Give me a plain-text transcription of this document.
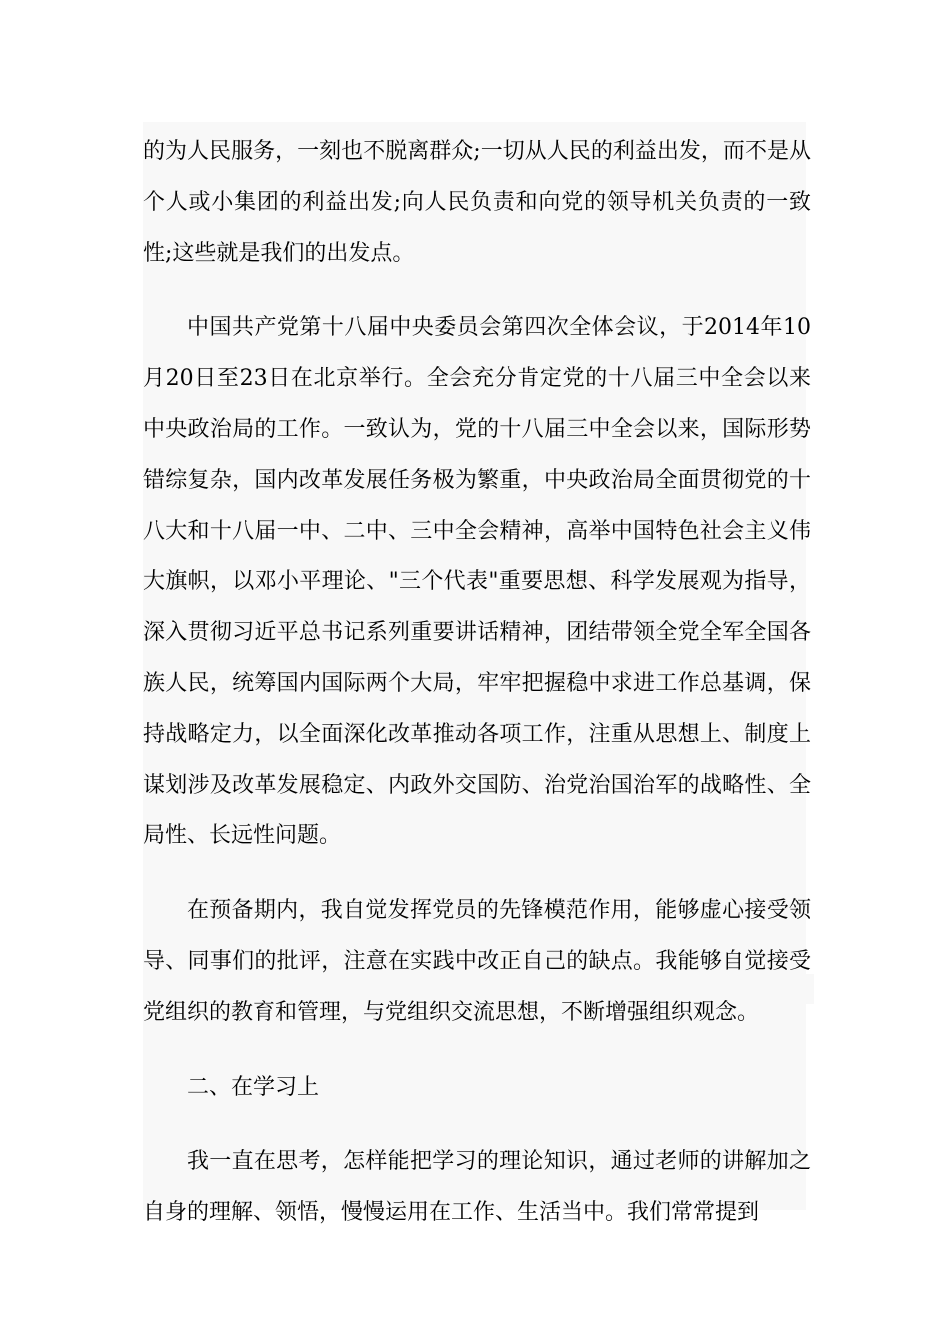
的为人民服务，一刻也不脱离群众;一切从人民的利益出发，而不是从个人或小集团的利益出发;向人民负责和向党的领导机关负责的一致性;这些就是我们的出发点。

中国共产党第十八届中央委员会第四次全体会议，于2014年10月20日至23日在北京举行。全会充分肯定党的十八届三中全会以来中央政治局的工作。一致认为，党的十八届三中全会以来，国际形势错综复杂，国内改革发展任务极为繁重，中央政治局全面贯彻党的十八大和十八届一中、二中、三中全会精神，高举中国特色社会主义伟大旗帜，以邓小平理论、"三个代表"重要思想、科学发展观为指导，深入贯彻习近平总书记系列重要讲话精神，团结带领全党全军全国各族人民，统筹国内国际两个大局，牢牢把握稳中求进工作总基调，保持战略定力，以全面深化改革推动各项工作，注重从思想上、制度上谋划涉及改革发展稳定、内政外交国防、治党治国治军的战略性、全局性、长远性问题。

在预备期内，我自觉发挥党员的先锋模范作用，能够虚心接受领导、同事们的批评，注意在实践中改正自己的缺点。我能够自觉接受党组织的教育和管理，与党组织交流思想，不断增强组织观念。

二、在学习上

我一直在思考，怎样能把学习的理论知识，通过老师的讲解加之自身的理解、领悟，慢慢运用在工作、生活当中。我们常常提到
